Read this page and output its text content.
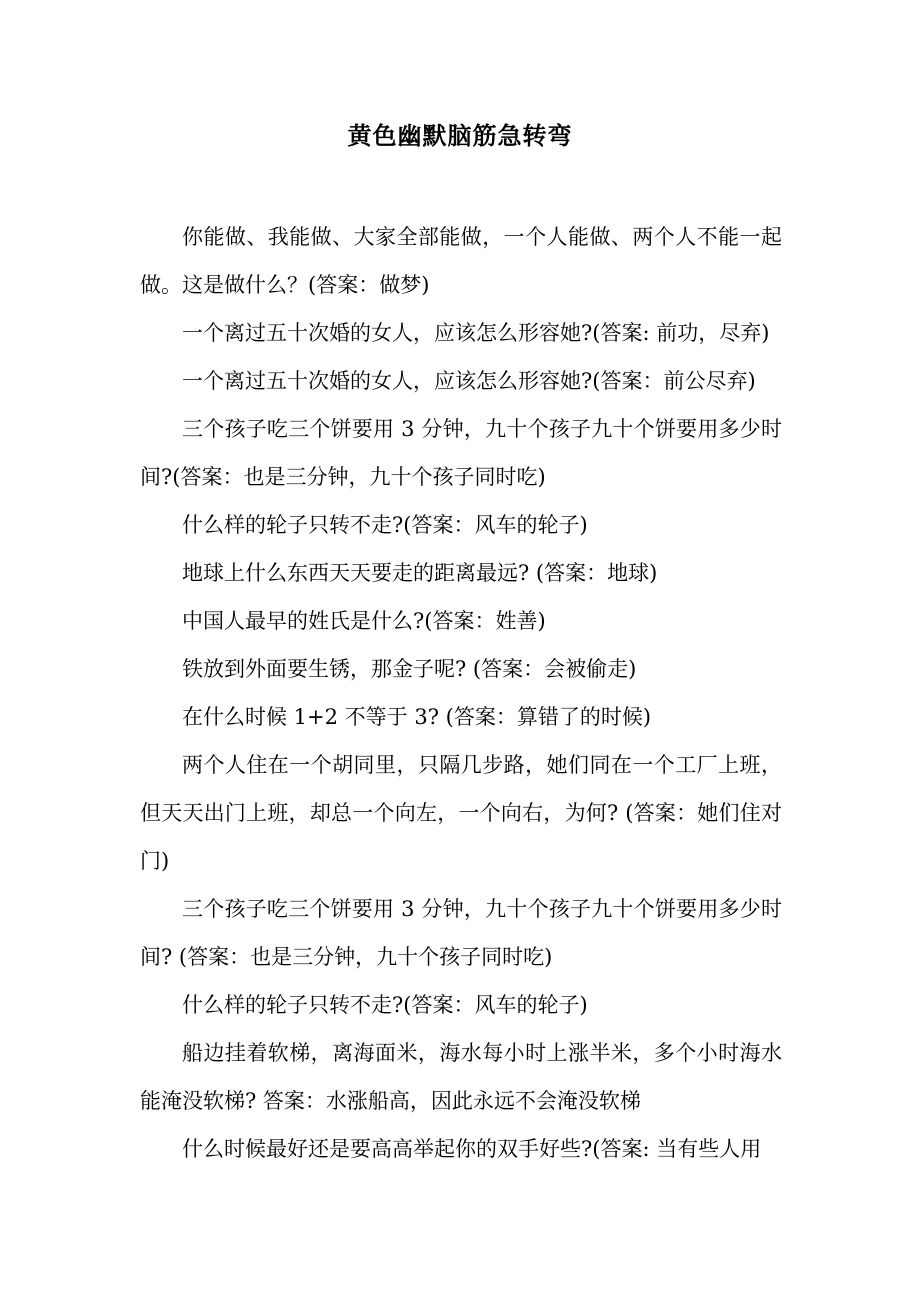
黄色幽默脑筋急转弯

你能做、我能做、大家全部能做，一个人能做、两个人不能一起做。这是做什么？(答案：做梦)

一个离过五十次婚的女人，应该怎么形容她?(答案: 前功，尽弃)

一个离过五十次婚的女人，应该怎么形容她?(答案：前公尽弃)

三个孩子吃三个饼要用 3 分钟，九十个孩子九十个饼要用多少时间?(答案：也是三分钟，九十个孩子同时吃)

什么样的轮子只转不走?(答案：风车的轮子)

地球上什么东西天天要走的距离最远? (答案：地球)

中国人最早的姓氏是什么?(答案：姓善)

铁放到外面要生锈，那金子呢? (答案：会被偷走)

在什么时候 1+2 不等于 3? (答案：算错了的时候)

两个人住在一个胡同里，只隔几步路，她们同在一个工厂上班，但天天出门上班，却总一个向左，一个向右，为何? (答案：她们住对门)

三个孩子吃三个饼要用 3 分钟，九十个孩子九十个饼要用多少时间? (答案：也是三分钟，九十个孩子同时吃)

什么样的轮子只转不走?(答案：风车的轮子)

船边挂着软梯，离海面米，海水每小时上涨半米，多个小时海水能淹没软梯? 答案：水涨船高，因此永远不会淹没软梯

什么时候最好还是要高高举起你的双手好些?(答案: 当有些人用
